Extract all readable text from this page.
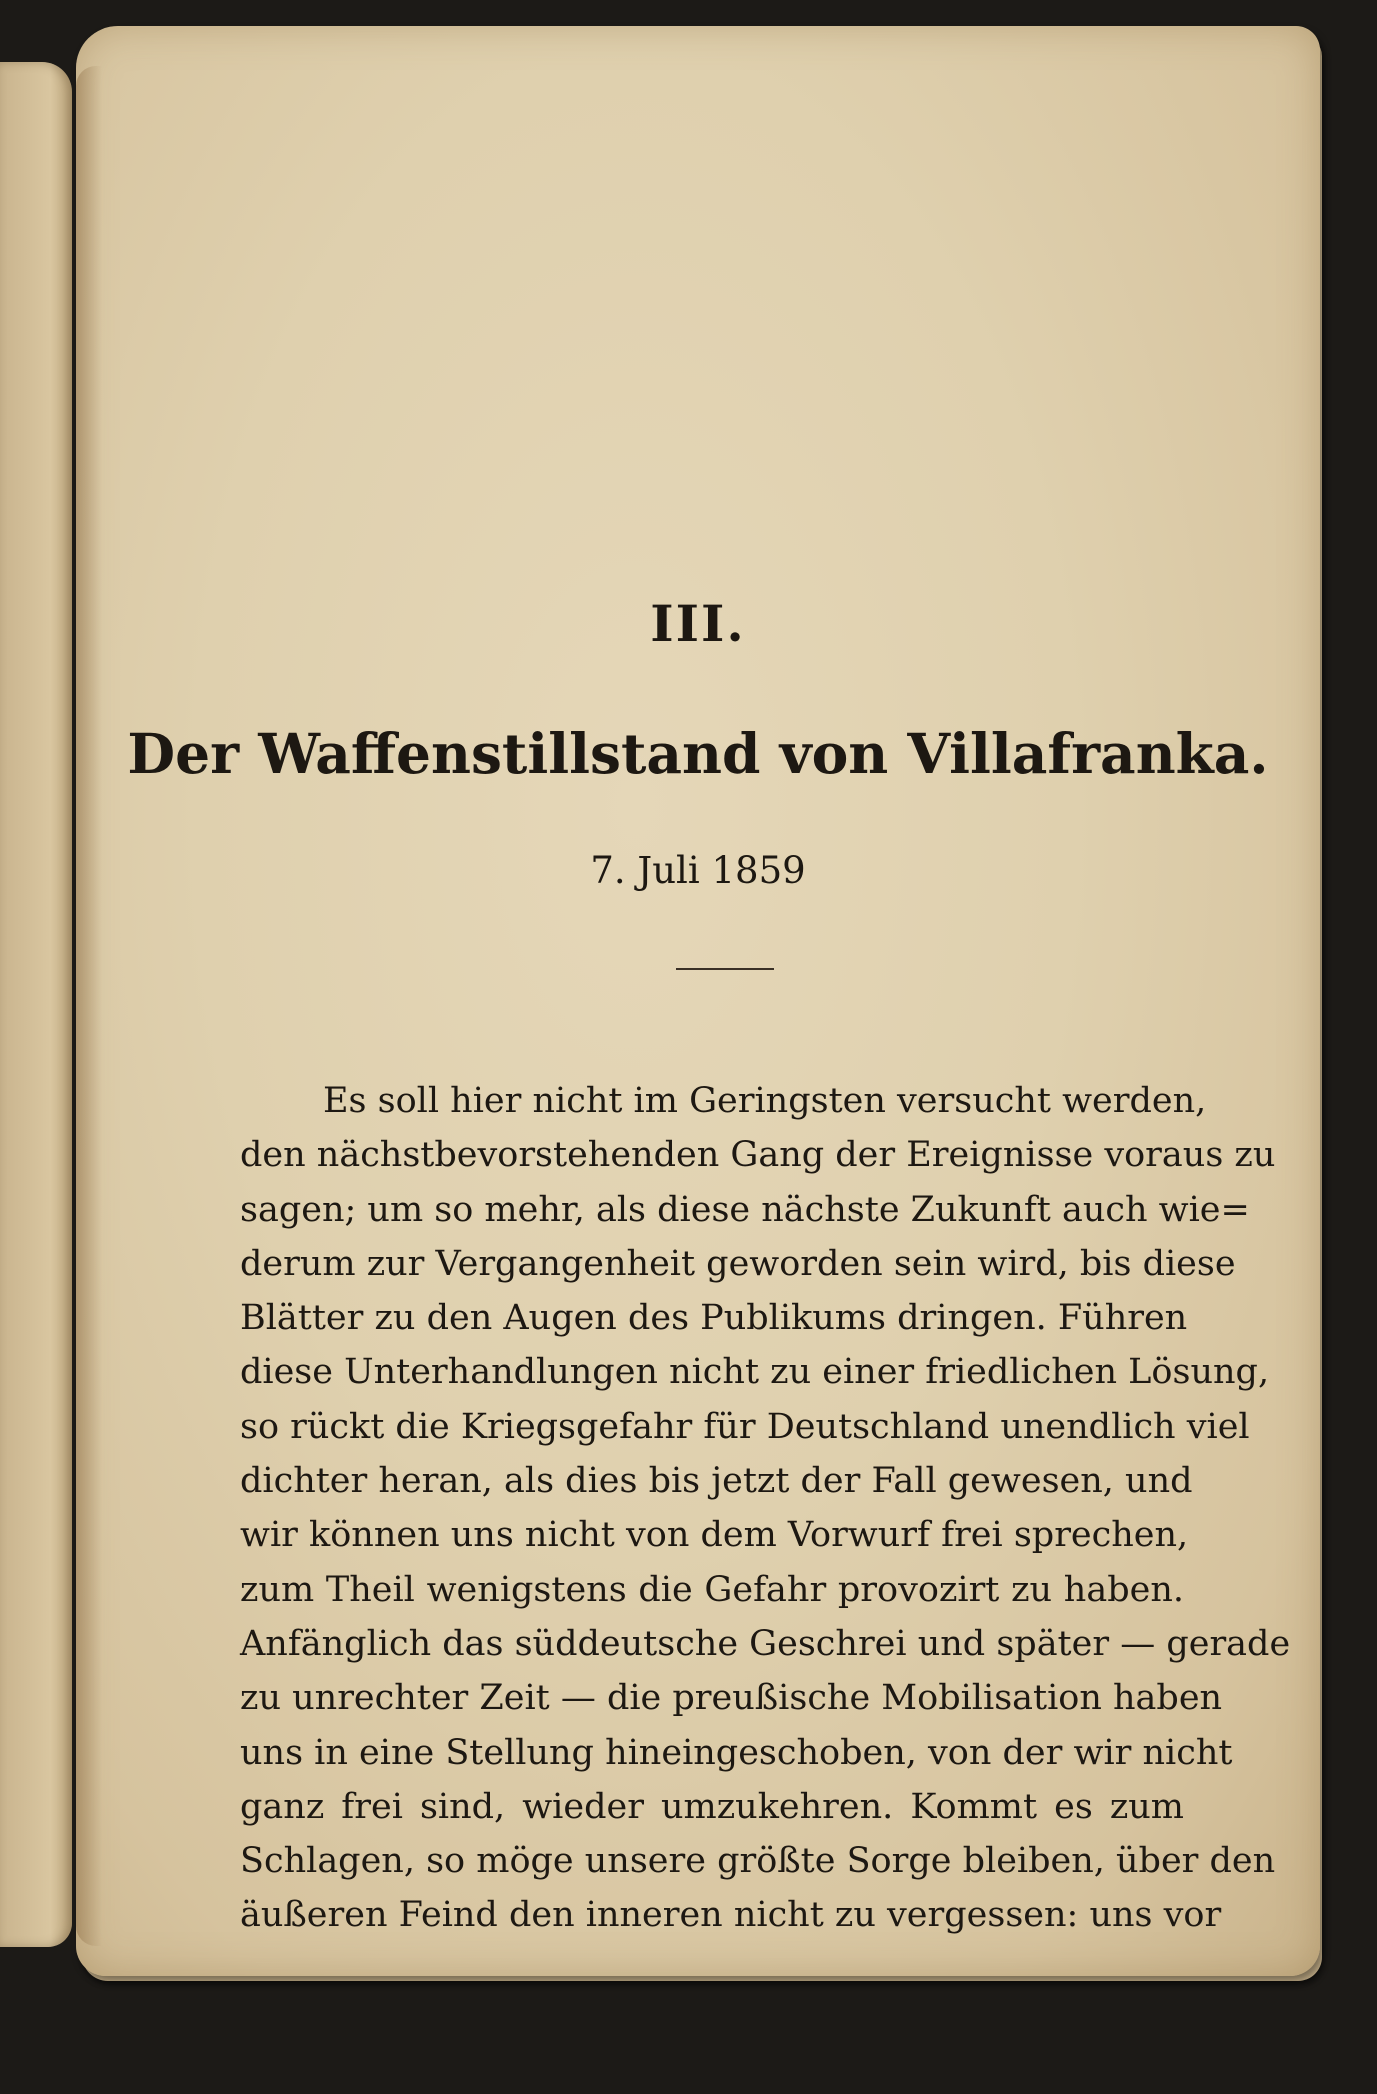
III.
Der Waffenstillstand von Villafranka.
7. Juli 1859
Es soll hier nicht im Geringsten versucht werden,
den nächstbevorstehenden Gang der Ereignisse voraus zu
sagen; um so mehr, als diese nächste Zukunft auch wie=
derum zur Vergangenheit geworden sein wird, bis diese
Blätter zu den Augen des Publikums dringen. Führen
diese Unterhandlungen nicht zu einer friedlichen Lösung,
so rückt die Kriegsgefahr für Deutschland unendlich viel
dichter heran, als dies bis jetzt der Fall gewesen, und
wir können uns nicht von dem Vorwurf frei sprechen,
zum Theil wenigstens die Gefahr provozirt zu haben.
Anfänglich das süddeutsche Geschrei und später — gerade
zu unrechter Zeit — die preußische Mobilisation haben
uns in eine Stellung hineingeschoben, von der wir nicht
ganz frei sind, wieder umzukehren. Kommt es zum
Schlagen, so möge unsere größte Sorge bleiben, über den
äußeren Feind den inneren nicht zu vergessen: uns vor
